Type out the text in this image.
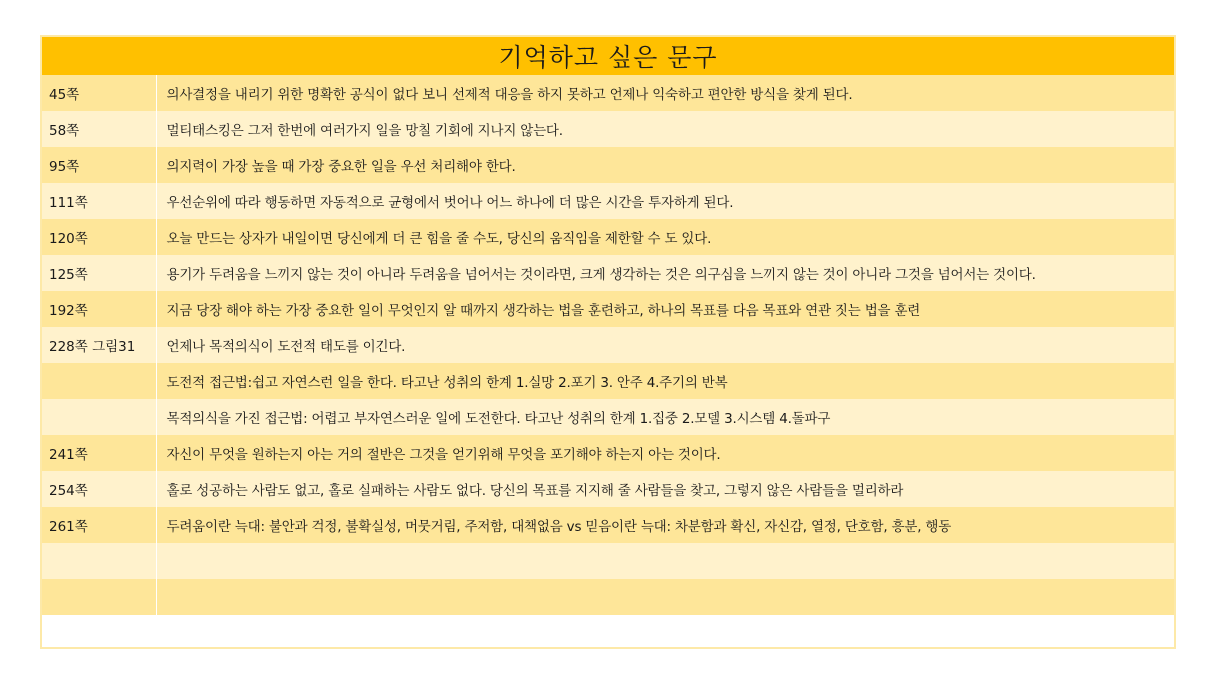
기억하고 싶은 문구
45쪽	의사결정을 내리기 위한 명확한 공식이 없다 보니 선제적 대응을 하지 못하고 언제나 익숙하고 편안한 방식을 찾게 된다.
58쪽	멀티태스킹은 그저 한번에 여러가지 일을 망칠 기회에 지나지 않는다.
95쪽	의지력이 가장 높을 때 가장 중요한 일을 우선 처리해야 한다.
111쪽	우선순위에 따라 행동하면 자동적으로 균형에서 벗어나 어느 하나에 더 많은 시간을 투자하게 된다.
120쪽	오늘 만드는 상자가 내일이면 당신에게 더 큰 힘을 줄 수도, 당신의 움직임을 제한할 수 도 있다.
125쪽	용기가 두려움을 느끼지 않는 것이 아니라 두려움을 넘어서는 것이라면, 크게 생각하는 것은 의구심을 느끼지 않는 것이 아니라 그것을 넘어서는 것이다.
192쪽	지금 당장 해야 하는 가장 중요한 일이 무엇인지 알 때까지 생각하는 법을 훈련하고, 하나의 목표를 다음 목표와 연관 짓는 법을 훈련
228쪽 그림31	언제나 목적의식이 도전적 태도를 이긴다.
	도전적 접근법:쉽고 자연스런 일을 한다. 타고난 성취의 한계 1.실망 2.포기 3. 안주 4.주기의 반복
	목적의식을 가진 접근법: 어렵고 부자연스러운 일에 도전한다. 타고난 성취의 한계 1.집중 2.모델 3.시스템 4.돌파구
241쪽	자신이 무엇을 원하는지 아는 거의 절반은 그것을 얻기위해 무엇을 포기해야 하는지 아는 것이다.
254쪽	홀로 성공하는 사람도 없고, 홀로 실패하는 사람도 없다. 당신의 목표를 지지해 줄 사람들을 찾고, 그렇지 않은 사람들을 멀리하라
261쪽	두려움이란 늑대: 불안과 걱정, 불확실성, 머뭇거림, 주저함, 대책없음 vs 믿음이란 늑대: 차분함과 확신, 자신감, 열정, 단호함, 흥분, 행동
